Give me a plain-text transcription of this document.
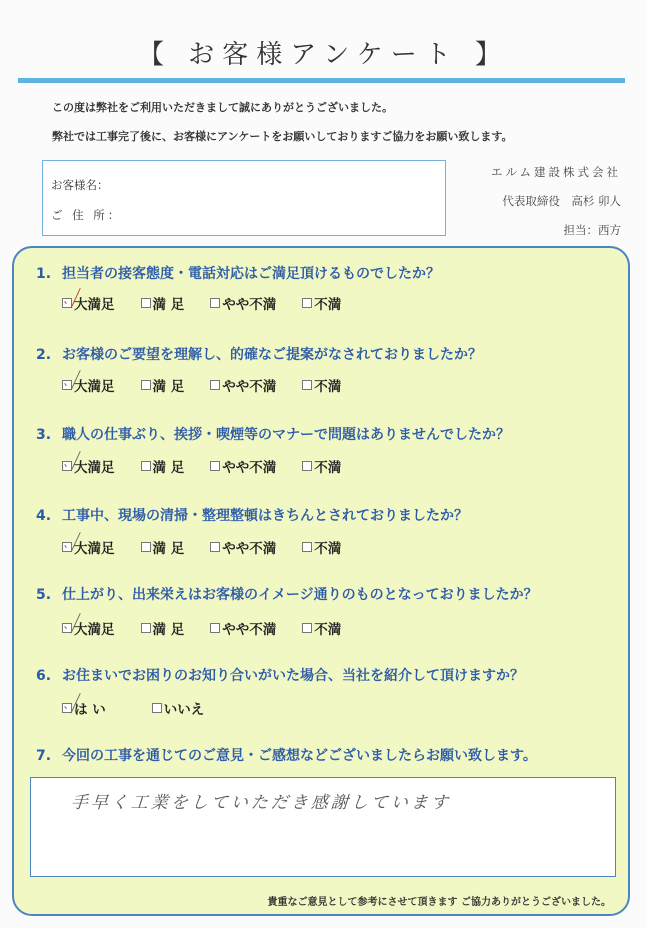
【 お客様アンケート 】
この度は弊社をご利用いただきまして誠にありがとうございました。
弊社では工事完了後に、お客様にアンケートをお願いしておりますご協力をお願い致します。
お客様名：
ご 住 所：
エルム建設株式会社
代表取締役　高杉 卯人
担当：西方
1. 担当者の接客態度・電話対応はご満足頂けるものでしたか？
大満足	満 足	やや不満	不満
2. お客様のご要望を理解し、的確なご提案がなされておりましたか？
大満足	満 足	やや不満	不満
3. 職人の仕事ぶり、挨拶・喫煙等のマナーで問題はありませんでしたか？
大満足	満 足	やや不満	不満
4. 工事中、現場の清掃・整理整頓はきちんとされておりましたか？
大満足	満 足	やや不満	不満
5. 仕上がり、出来栄えはお客様のイメージ通りのものとなっておりましたか？
大満足	満 足	やや不満	不満
6. お住まいでお困りのお知り合いがいた場合、当社を紹介して頂けますか？
は い	いいえ
7. 今回の工事を通じてのご意見・ご感想などございましたらお願い致します。
手早く工業をしていただき感謝しています
貴重なご意見として参考にさせて頂きます ご協力ありがとうございました。
